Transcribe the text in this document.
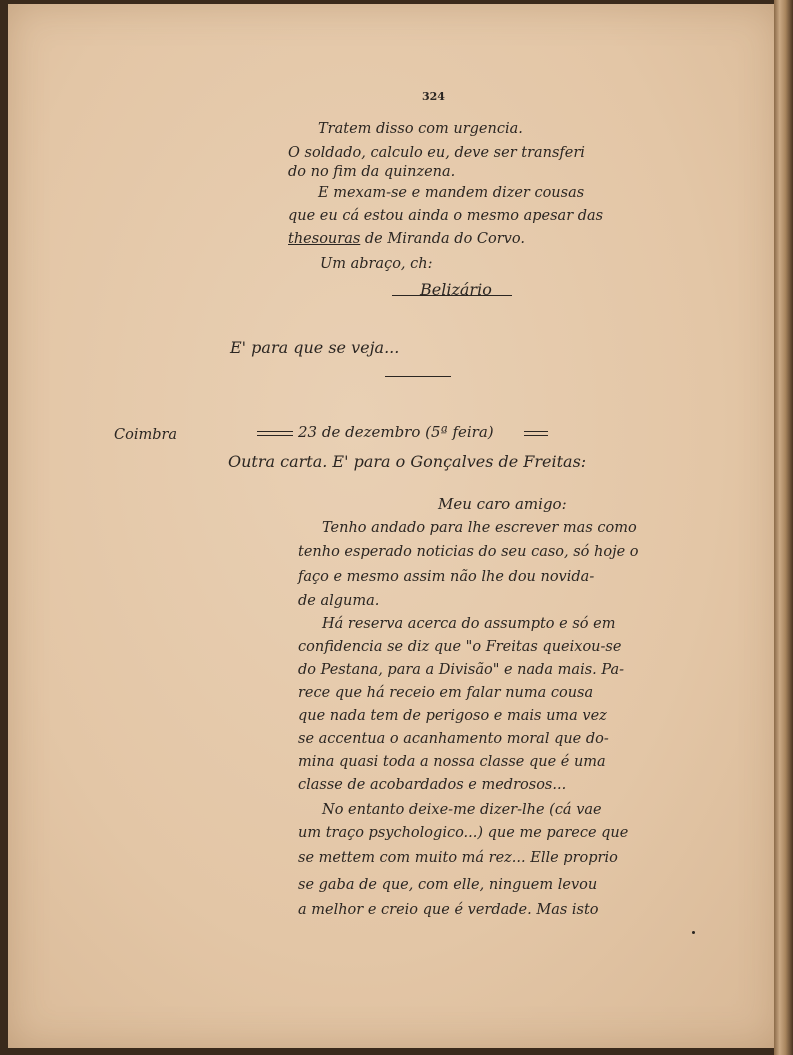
324
Tratem disso com urgencia.
O soldado, calculo eu, deve ser transferi
do no fim da quinzena.
E mexam-se e mandem dizer cousas
que eu cá estou ainda o mesmo apesar das
thesouras de Miranda do Corvo.
Um abraço, ch:
Belizário
E' para que se veja...
Coimbra	23 de dezembro (5ª feira)
Outra carta. E' para o Gonçalves de Freitas:
Meu caro amigo:
Tenho andado para lhe escrever mas como
tenho esperado noticias do seu caso, só hoje o
faço e mesmo assim não lhe dou novida-
de alguma.
Há reserva acerca do assumpto e só em
confidencia se diz que "o Freitas queixou-se
do Pestana, para a Divisão" e nada mais. Pa-
rece que há receio em falar numa cousa
que nada tem de perigoso e mais uma vez
se accentua o acanhamento moral que do-
mina quasi toda a nossa classe que é uma
classe de acobardados e medrosos...
No entanto deixe-me dizer-lhe (cá vae
um traço psychologico...) que me parece que
se mettem com muito má rez... Elle proprio
se gaba de que, com elle, ninguem levou
a melhor e creio que é verdade. Mas isto
